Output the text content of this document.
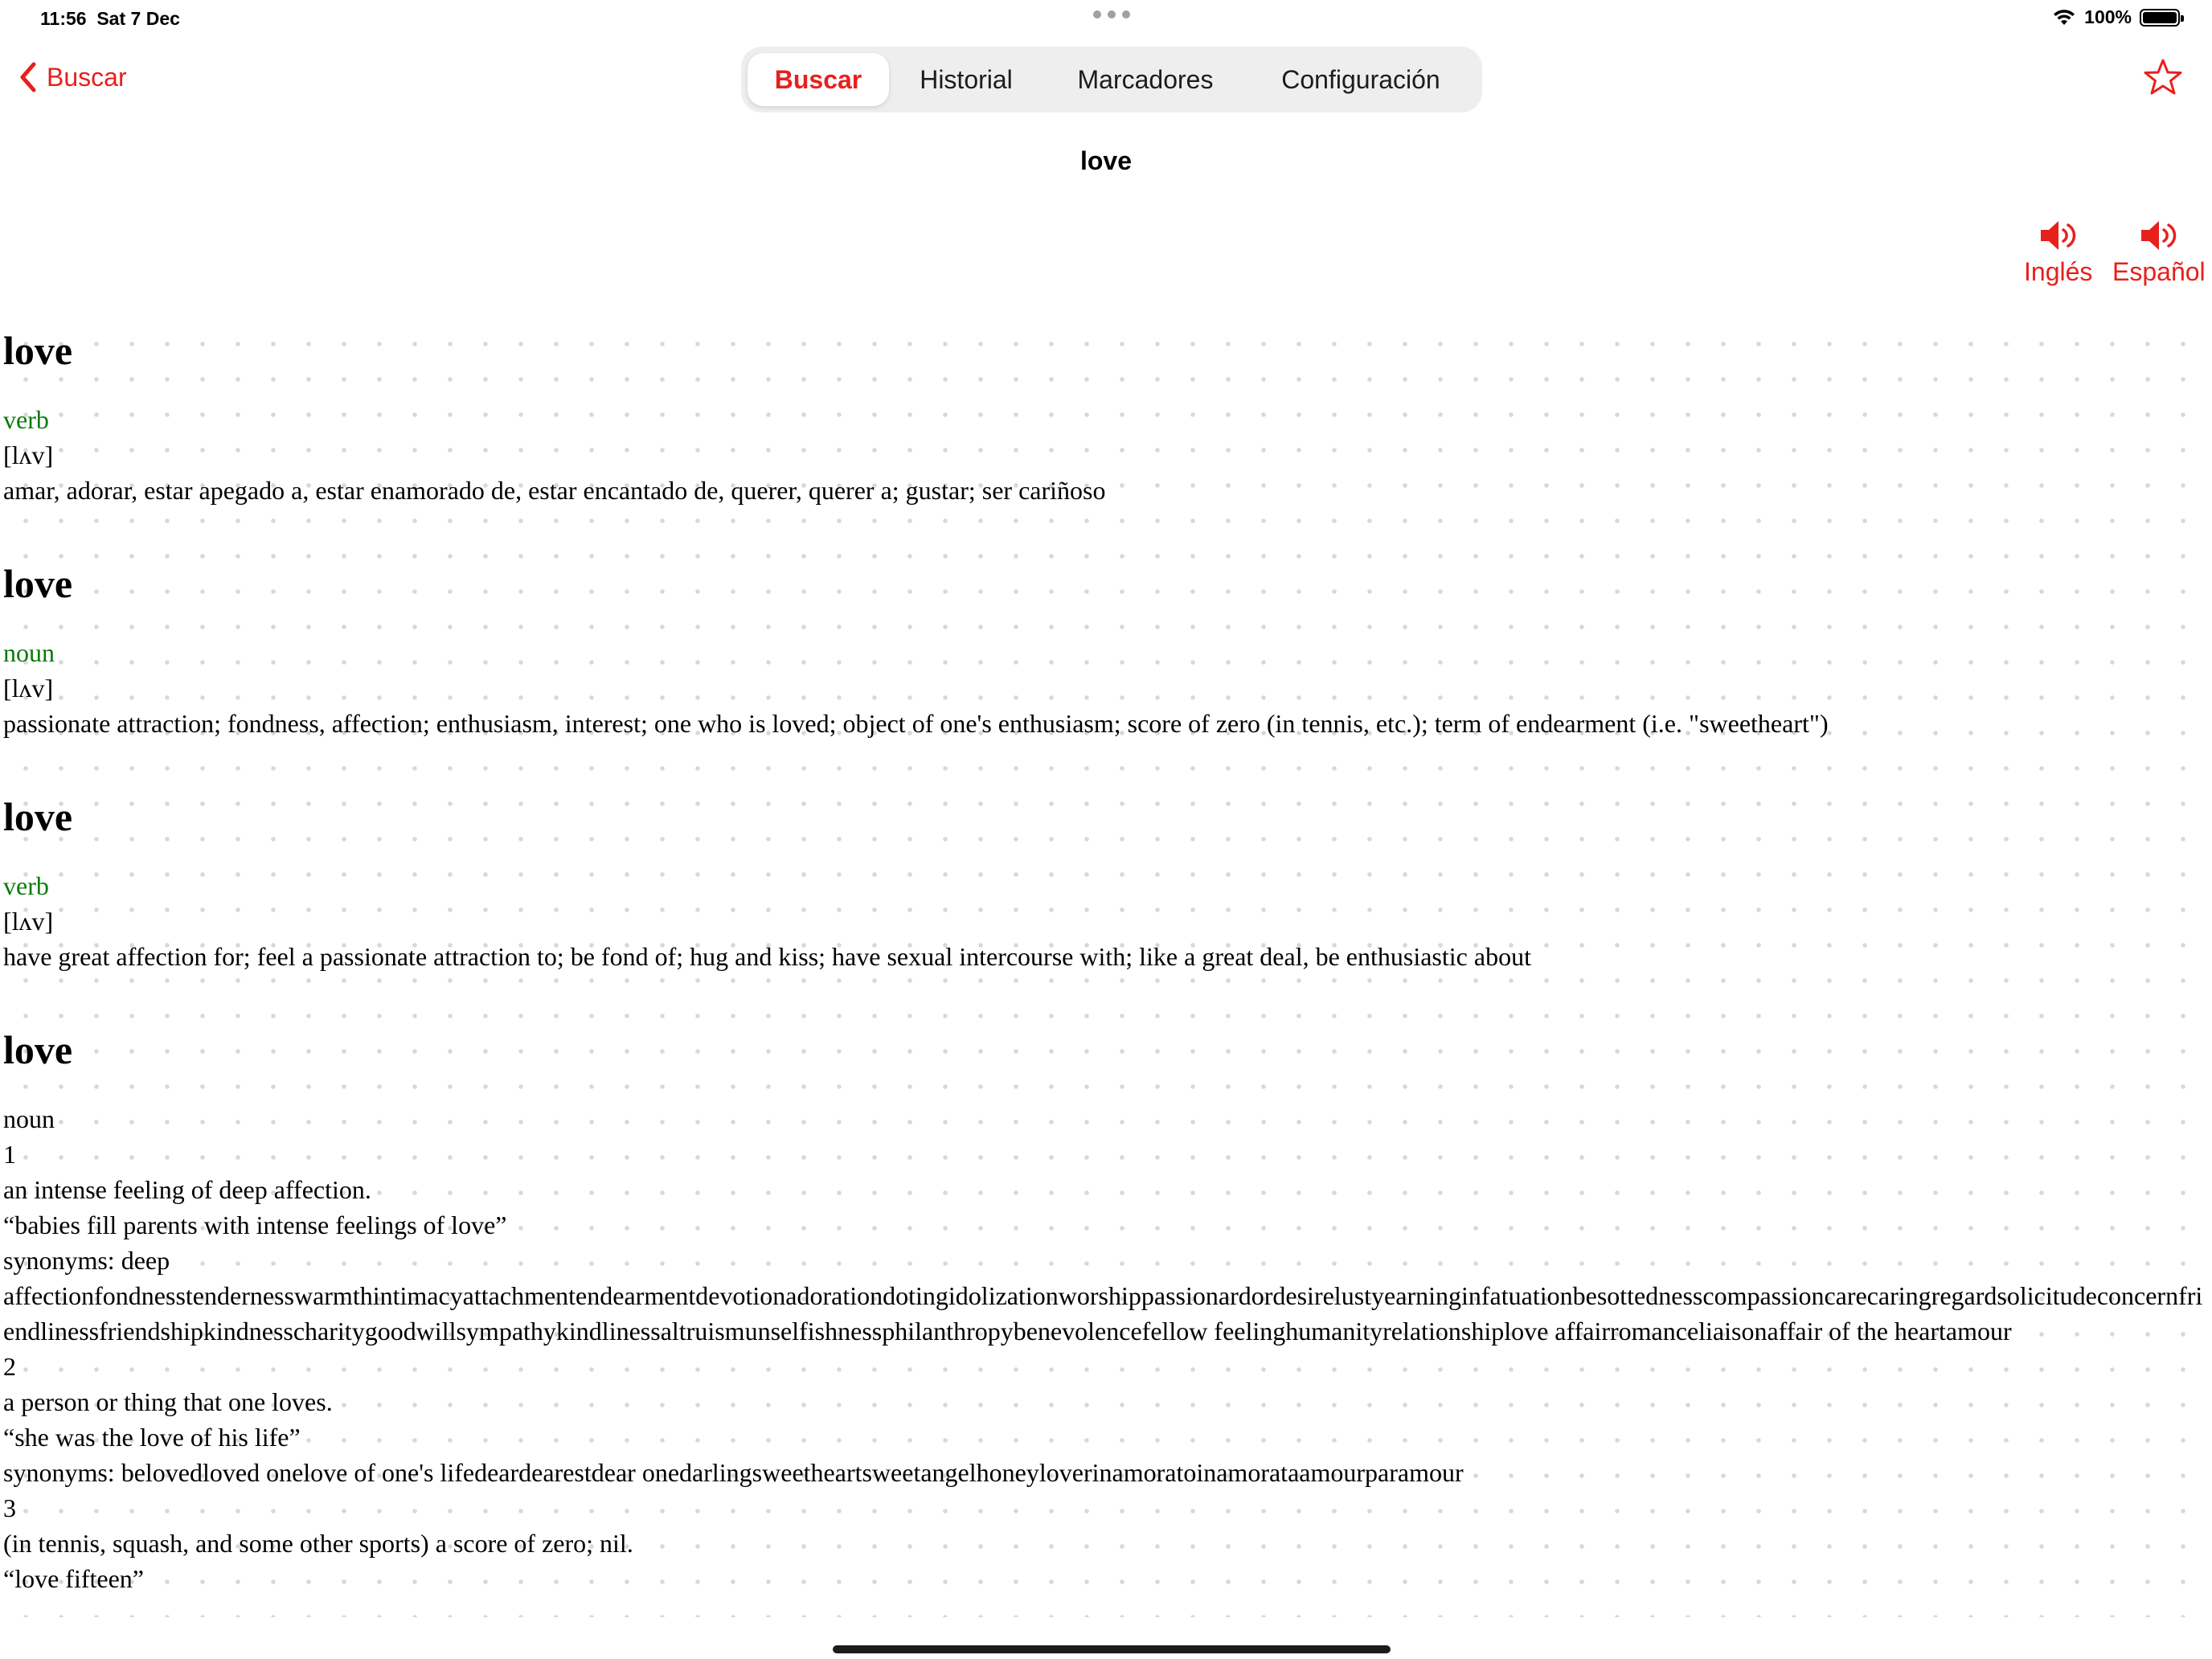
11:56 Sat 7 Dec	100%
Buscar	Buscar	Historial	Marcadores	Configuración
love
Inglés Español
love
verb
[lʌv]
amar, adorar, estar apegado a, estar enamorado de, estar encantado de, querer, querer a; gustar; ser cariñoso
love
noun
[lʌv]
passionate attraction; fondness, affection; enthusiasm, interest; one who is loved; object of one's enthusiasm; score of zero (in tennis, etc.); term of endearment (i.e. "sweetheart")
love
verb
[lʌv]
have great affection for; feel a passionate attraction to; be fond of; hug and kiss; have sexual intercourse with; like a great deal, be enthusiastic about
love
noun
1
an intense feeling of deep affection.
“babies fill parents with intense feelings of love”
synonyms: deep
affectionfondnesstendernesswarmthintimacyattachmentendearmentdevotionadorationdotingidolizationworshippassionardordesirelustyearninginfatuationbesottednesscompassioncarecaringregardsolicitudeconcernfriendlinessfriendshipkindnesscharitygoodwillsympathykindlinessaltruismunselfishnessphilanthropybenevolencefellow feelinghumanityrelationshiplove affairromanceliaisonaffair of the heartamour
2
a person or thing that one loves.
“she was the love of his life”
synonyms: belovedloved onelove of one's lifedeardearestdear onedarlingsweetheartsweetangelhoneyloverinamoratoinamorataamourparamour
3
(in tennis, squash, and some other sports) a score of zero; nil.
“love fifteen”
